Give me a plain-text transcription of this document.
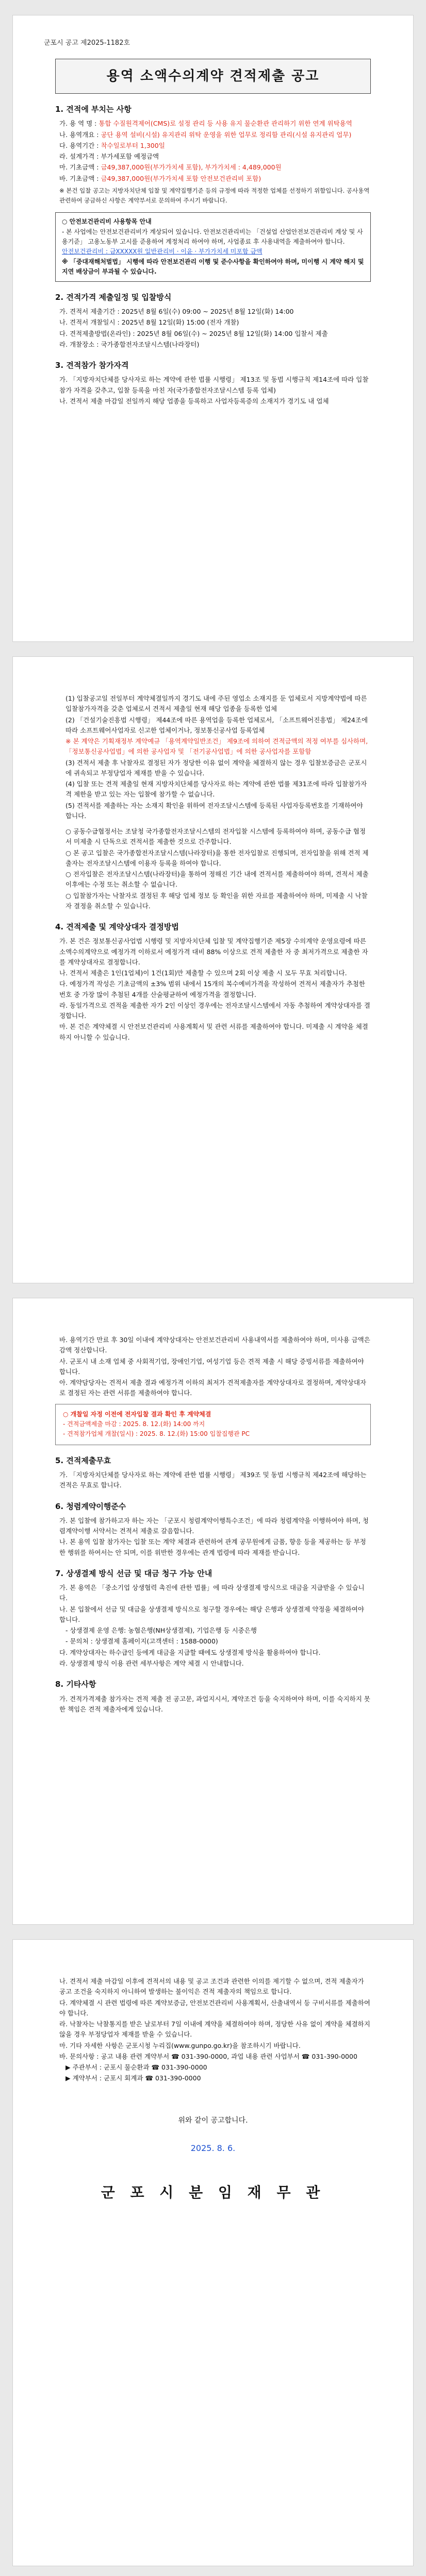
군포시 공고 제2025-1182호
용역 소액수의계약 견적제출 공고
1. 견적에 부치는 사항
가. 용 역 명 : 통합 수질원격제어(CMS)로 설정 관리 등 사용 유지 물순환관 관리하기 위한 연계 위탁용역
나. 용역개요 : 공단 용역 설비(시설) 유지관리 위탁 운영을 위한 업무로 정리함 관리(시설 유지관리 업무)
다. 용역기간 : 착수일로부터 1,300일
라. 설계가격 : 부가세포함 예정금액
마. 기초금액 : 금49,387,000원(부가가치세 포함), 부가가치세 : 4,489,000원
바. 기초금액 : 금49,387,000원(부가가치세 포함 안전보건관리비 포함)
※ 본건 입찰 공고는 지방자치단체 입찰 및 계약집행기준 등의 규정에 따라 적정한 업체를 선정하기 위함입니다. 공사용역 관련하여 궁금하신 사항은 계약부서로 문의하여 주시기 바랍니다.
○ 안전보건관리비 사용항목 안내
- 본 사업에는 안전보건관리비가 계상되어 있습니다. 안전보건관리비는 「건설업 산업안전보건관리비 계상 및 사용기준」 고용노동부 고시를 준용하여 계정처리 하여야 하며, 사업종료 후 사용내역을 제출하여야 합니다.
안전보건관리비 : 금XXXXX원 일반관리비 · 이윤 · 부가가치세 미포함 금액
※ 「중대재해처벌법」 시행에 따라 안전보건관리 이행 및 준수사항을 확인하여야 하며, 미이행 시 계약 해지 및 지연 배상금이 부과될 수 있습니다.
2. 견적가격 제출일정 및 입찰방식
가. 견적서 제출기간 : 2025년 8월 6일(수) 09:00 ~ 2025년 8월 12일(화) 14:00
나. 견적서 개찰일시 : 2025년 8월 12일(화) 15:00 (전자 개찰)
다. 견적제출방법(온라인) : 2025년 8월 06일(수) ~ 2025년 8월 12일(화) 14:00 입찰서 제출
라. 개찰장소 : 국가종합전자조달시스템(나라장터)
3. 견적참가 참가자격
가. 「지방자치단체를 당사자로 하는 계약에 관한 법률 시행령」 제13조 및 동법 시행규칙 제14조에 따라 입찰참가 자격을 갖추고, 입찰 등록을 마친 자(국가종합전자조달시스템 등록 업체)
나. 견적서 제출 마감일 전일까지 해당 업종을 등록하고 사업자등록증의 소재지가 경기도 내 업체
(1) 입찰공고일 전일부터 계약체결일까지 경기도 내에 주된 영업소 소재지를 둔 업체로서 지방계약법에 따른 입찰참가자격을 갖춘 업체로서 견적서 제출일 현재 해당 업종을 등록한 업체
(2) 「건설기술진흥법 시행령」 제44조에 따른 용역업을 등록한 업체로서, 「소프트웨어진흥법」 제24조에 따라 소프트웨어사업자로 신고한 업체이거나, 정보통신공사업 등록업체
※ 본 계약은 기획재정부 계약예규 「용역계약일반조건」 제9조에 의하여 견적금액의 적정 여부를 심사하며, 「정보통신공사업법」에 의한 공사업자 및 「전기공사업법」에 의한 공사업자를 포함함
(3) 견적서 제출 후 낙찰자로 결정된 자가 정당한 이유 없이 계약을 체결하지 않는 경우 입찰보증금은 군포시에 귀속되고 부정당업자 제재를 받을 수 있습니다.
(4) 입찰 또는 견적 제출일 현재 지방자치단체를 당사자로 하는 계약에 관한 법률 제31조에 따라 입찰참가자격 제한을 받고 있는 자는 입찰에 참가할 수 없습니다.
(5) 견적서를 제출하는 자는 소재지 확인을 위하여 전자조달시스템에 등록된 사업자등록번호를 기재하여야 합니다.
○ 공동수급협정서는 조달청 국가종합전자조달시스템의 전자입찰 시스템에 등록하여야 하며, 공동수급 협정서 미제출 시 단독으로 견적서를 제출한 것으로 간주합니다.
○ 본 공고 입찰은 국가종합전자조달시스템(나라장터)을 통한 전자입찰로 진행되며, 전자입찰을 위해 견적 제출자는 전자조달시스템에 이용자 등록을 하여야 합니다.
○ 전자입찰은 전자조달시스템(나라장터)을 통하여 정해진 기간 내에 견적서를 제출하여야 하며, 견적서 제출 이후에는 수정 또는 취소할 수 없습니다.
○ 입찰참가자는 낙찰자로 결정된 후 해당 업체 정보 등 확인을 위한 자료를 제출하여야 하며, 미제출 시 낙찰자 결정을 취소할 수 있습니다.
4. 견적제출 및 계약상대자 결정방법
가. 본 건은 정보통신공사업법 시행령 및 지방자치단체 입찰 및 계약집행기준 제5장 수의계약 운영요령에 따른 소액수의계약으로 예정가격 이하로서 예정가격 대비 88% 이상으로 견적 제출한 자 중 최저가격으로 제출한 자를 계약상대자로 결정합니다.
나. 견적서 제출은 1인(1업체)이 1건(1회)만 제출할 수 있으며 2회 이상 제출 시 모두 무효 처리합니다.
다. 예정가격 작성은 기초금액의 ±3% 범위 내에서 15개의 복수예비가격을 작성하여 견적서 제출자가 추첨한 번호 중 가장 많이 추첨된 4개를 산술평균하여 예정가격을 결정합니다.
라. 동일가격으로 견적을 제출한 자가 2인 이상인 경우에는 전자조달시스템에서 자동 추첨하여 계약상대자를 결정합니다.
마. 본 건은 계약체결 시 안전보건관리비 사용계획서 및 관련 서류를 제출하여야 합니다. 미제출 시 계약을 체결하지 아니할 수 있습니다.
바. 용역기간 만료 후 30일 이내에 계약상대자는 안전보건관리비 사용내역서를 제출하여야 하며, 미사용 금액은 감액 정산합니다.
사. 군포시 내 소재 업체 중 사회적기업, 장애인기업, 여성기업 등은 견적 제출 시 해당 증빙서류를 제출하여야 합니다.
아. 계약담당자는 견적서 제출 결과 예정가격 이하의 최저가 견적제출자를 계약상대자로 결정하며, 계약상대자로 결정된 자는 관련 서류를 제출하여야 합니다.
○ 개찰일 자정 이전에 전자입찰 결과 확인 후 계약체결
- 견적금액제출 마감 : 2025. 8. 12.(화) 14:00 까지
- 견적참가업체 개찰(일시) : 2025. 8. 12.(화) 15:00 입찰집행관 PC
5. 견적제출무효
가. 「지방자치단체를 당사자로 하는 계약에 관한 법률 시행령」 제39조 및 동법 시행규칙 제42조에 해당하는 견적은 무효로 합니다.
6. 청렴계약이행준수
가. 본 입찰에 참가하고자 하는 자는 「군포시 청렴계약이행특수조건」에 따라 청렴계약을 이행하여야 하며, 청렴계약이행 서약서는 견적서 제출로 갈음합니다.
나. 본 용역 입찰 참가자는 입찰 또는 계약 체결과 관련하여 관계 공무원에게 금품, 향응 등을 제공하는 등 부정한 행위를 하여서는 안 되며, 이를 위반한 경우에는 관계 법령에 따라 제재를 받습니다.
7. 상생결제 방식 선금 및 대금 청구 가능 안내
가. 본 용역은 「중소기업 상생협력 촉진에 관한 법률」에 따라 상생결제 방식으로 대금을 지급받을 수 있습니다.
나. 본 입찰에서 선금 및 대금을 상생결제 방식으로 청구할 경우에는 해당 은행과 상생결제 약정을 체결하여야 합니다.
- 상생결제 운영 은행: 농협은행(NH상생결제), 기업은행 등 시중은행
- 문의처 : 상생결제 홈페이지(고객센터 : 1588-0000)
다. 계약상대자는 하수급인 등에게 대금을 지급할 때에도 상생결제 방식을 활용하여야 합니다.
라. 상생결제 방식 이용 관련 세부사항은 계약 체결 시 안내합니다.
8. 기타사항
가. 견적가격제출 참가자는 견적 제출 전 공고문, 과업지시서, 계약조건 등을 숙지하여야 하며, 이를 숙지하지 못한 책임은 견적 제출자에게 있습니다.
나. 견적서 제출 마감일 이후에 견적서의 내용 및 공고 조건과 관련한 이의를 제기할 수 없으며, 견적 제출자가 공고 조건을 숙지하지 아니하여 발생하는 불이익은 견적 제출자의 책임으로 합니다.
다. 계약체결 시 관련 법령에 따른 계약보증금, 안전보건관리비 사용계획서, 산출내역서 등 구비서류를 제출하여야 합니다.
라. 낙찰자는 낙찰통지를 받은 날로부터 7일 이내에 계약을 체결하여야 하며, 정당한 사유 없이 계약을 체결하지 않을 경우 부정당업자 제재를 받을 수 있습니다.
마. 기타 자세한 사항은 군포시청 누리집(www.gunpo.go.kr)을 참조하시기 바랍니다.
바. 문의사항 : 공고 내용 관련 계약부서 ☎ 031-390-0000, 과업 내용 관련 사업부서 ☎ 031-390-0000
▶ 주관부서 : 군포시 물순환과 ☎ 031-390-0000
▶ 계약부서 : 군포시 회계과 ☎ 031-390-0000
위와 같이 공고합니다.
2025. 8. 6.
군 포 시 분 임 재 무 관
